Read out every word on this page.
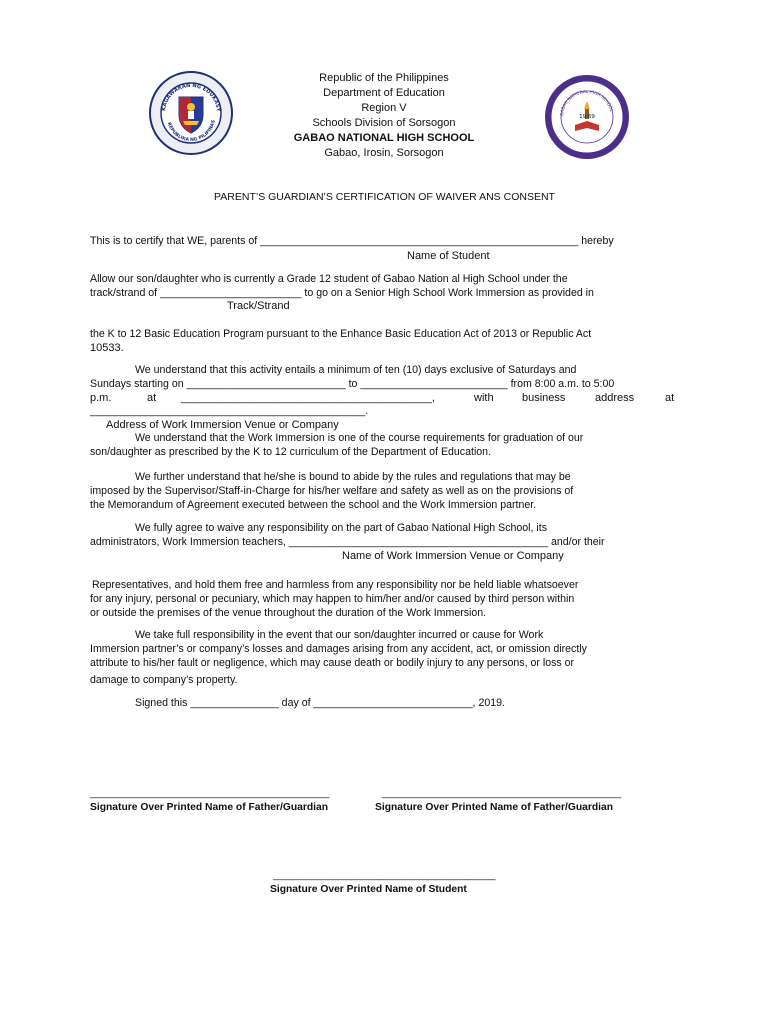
KAGAWARAN NG EDUKASY
REPUBLIKA NG PILIPINAS
GABAO NATIONAL HIGH SCHOOL
19 69
Republic of the Philippines
Department of Education
Region V
Schools Division of Sorsogon
GABAO NATIONAL HIGH SCHOOL
Gabao, Irosin, Sorsogon
PARENT’S GUARDIAN’S CERTIFICATION OF WAIVER ANS CONSENT
This is to certify that WE, parents of ______________________________________________________ hereby
Name of Student
Allow our son/daughter who is currently a Grade 12 student of Gabao Nation al High School under the
track/strand of ________________________ to go on a Senior High School Work Immersion as provided in
Track/Strand
the K to 12 Basic Education Program pursuant to the Enhance Basic Education Act of 2013 or Republic Act
10533.
We understand that this activity entails a minimum of ten (10) days exclusive of Saturdays and
Sundays starting on ___________________________ to _________________________ from 8:00 a.m. to 5:00
p.m.	at _________________________________________,	with	business	address	at
_____________________________________________.
Address of Work Immersion Venue or Company
We understand that the Work Immersion is one of the course requirements for graduation of our
son/daughter as prescribed by the K to 12 curriculum of the Department of Education.
We further understand that he/she is bound to abide by the rules and regulations that may be
imposed by the Supervisor/Staff-in-Charge for his/her welfare and safety as well as on the provisions of
the Memorandum of Agreement executed between the school and the Work Immersion partner.
We fully agree to waive any responsibility on the part of Gabao National High School, its
administrators, Work Immersion teachers, ____________________________________________ and/or their
Name of Work Immersion Venue or Company
Representatives, and hold them free and harmless from any responsibility nor be held liable whatsoever
for any injury, personal or pecuniary, which may happen to him/her and/or caused by third person within
or outside the premises of the venue throughout the duration of the Work Immersion.
We take full responsibility in the event that our son/daughter incurred or cause for Work
Immersion partner’s or company’s losses and damages arising from any accident, act, or omission directly
attribute to his/her fault or negligence, which may cause death or bodily injury to any persons, or loss or
damage to company’s property.
Signed this _______________ day of ___________________________, 2019.
___________________________________________	___________________________________________
Signature Over Printed Name of Father/Guardian	Signature Over Printed Name of Father/Guardian
________________________________________
Signature Over Printed Name of Student
